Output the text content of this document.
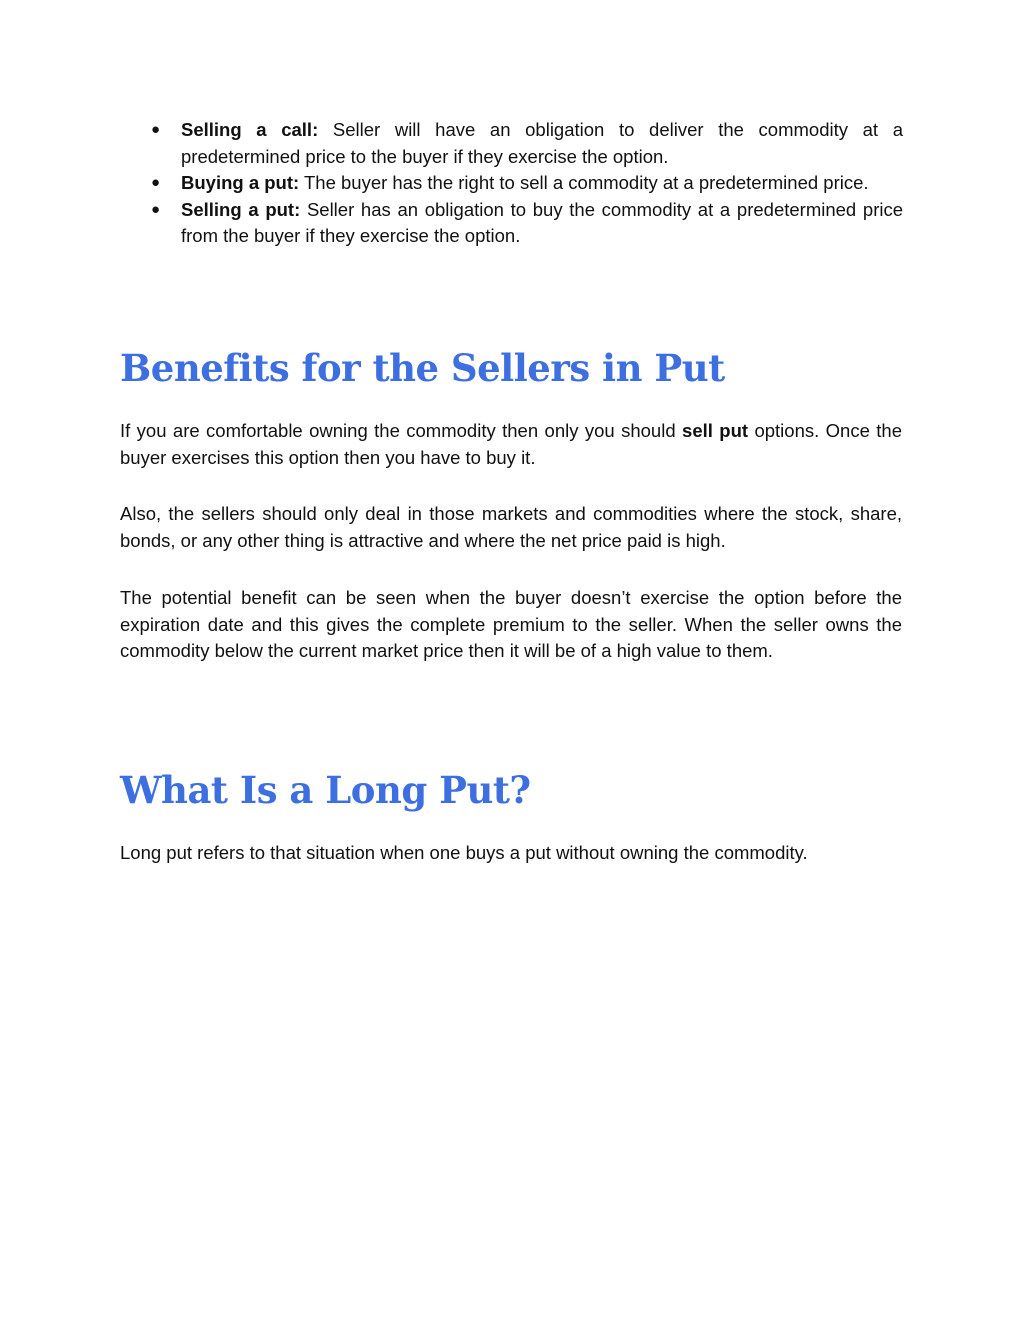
● Selling a call: Seller will have an obligation to deliver the commodity at a predetermined price to the buyer if they exercise the option.
● Buying a put: The buyer has the right to sell a commodity at a predetermined price.
● Selling a put: Seller has an obligation to buy the commodity at a predetermined price from the buyer if they exercise the option.
Benefits for the Sellers in Put

If you are comfortable owning the commodity then only you should sell put options. Once the buyer exercises this option then you have to buy it.

Also, the sellers should only deal in those markets and commodities where the stock, share, bonds, or any other thing is attractive and where the net price paid is high.

The potential benefit can be seen when the buyer doesn’t exercise the option before the expiration date and this gives the complete premium to the seller. When the seller owns the commodity below the current market price then it will be of a high value to them.

What Is a Long Put?

Long put refers to that situation when one buys a put without owning the commodity.
